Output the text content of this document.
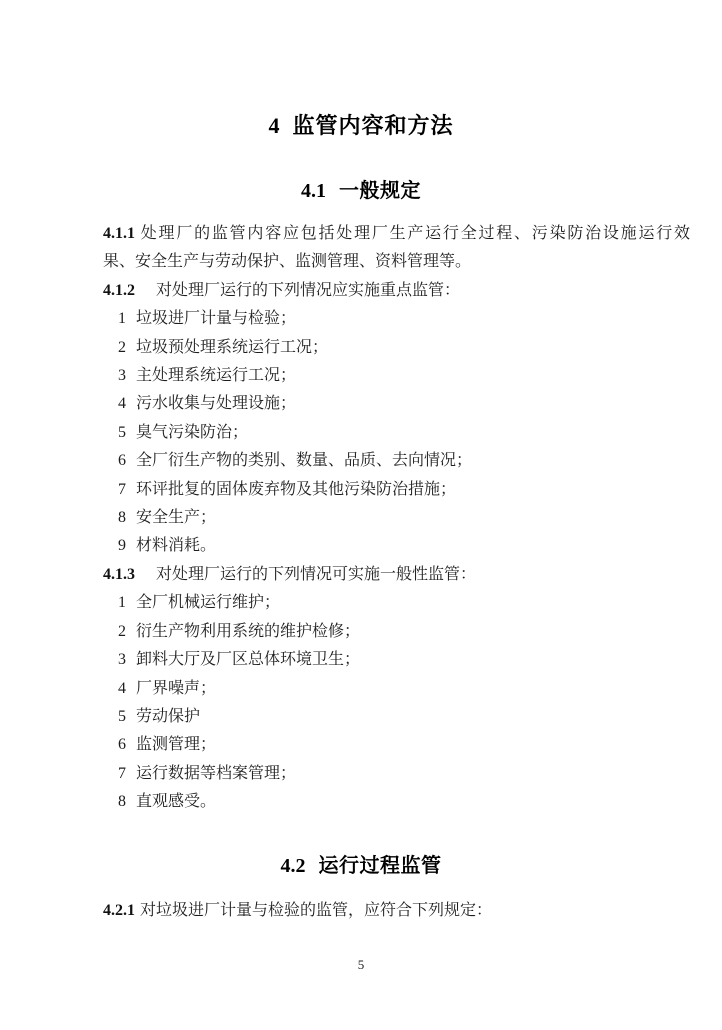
4 监管内容和方法
4.1 一般规定
4.1.1 处理厂的监管内容应包括处理厂生产运行全过程、污染防治设施运行效
果、安全生产与劳动保护、监测管理、资料管理等。
4.1.2 对处理厂运行的下列情况应实施重点监管：
1 垃圾进厂计量与检验；
2 垃圾预处理系统运行工况；
3 主处理系统运行工况；
4 污水收集与处理设施；
5 臭气污染防治；
6 全厂衍生产物的类别、数量、品质、去向情况；
7 环评批复的固体废弃物及其他污染防治措施；
8 安全生产；
9 材料消耗。
4.1.3 对处理厂运行的下列情况可实施一般性监管：
1 全厂机械运行维护；
2 衍生产物利用系统的维护检修；
3 卸料大厅及厂区总体环境卫生；
4 厂界噪声；
5 劳动保护
6 监测管理；
7 运行数据等档案管理；
8 直观感受。
4.2 运行过程监管
4.2.1 对垃圾进厂计量与检验的监管，应符合下列规定：
5
